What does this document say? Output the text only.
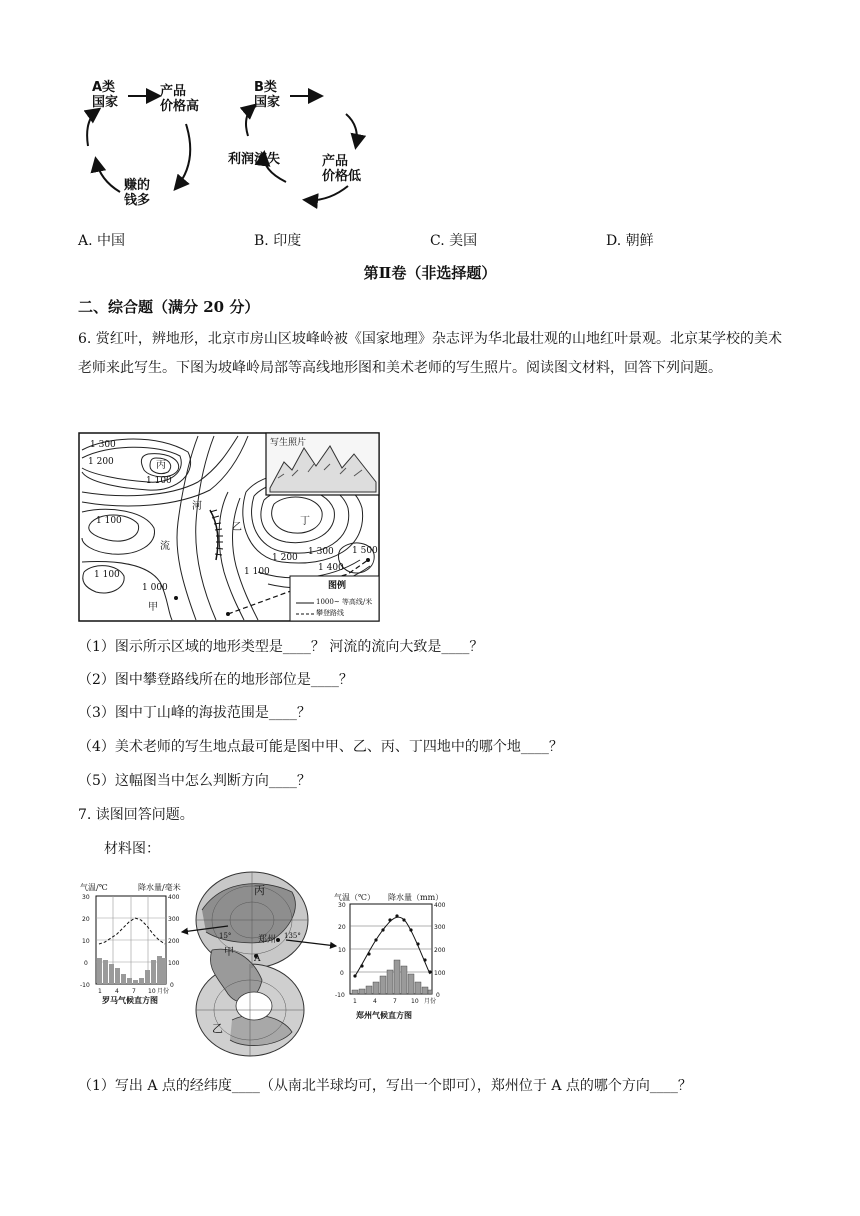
A类
国家
产品
价格高
赚的
钱多
B类
国家
产品
价格低
利润流失
A. 中国	B. 印度	C. 美国	D. 朝鲜
第Ⅱ卷（非选择题）
二、综合题（满分 20 分）
6. 赏红叶，辨地形，北京市房山区坡峰岭被《国家地理》杂志评为华北最壮观的山地红叶景观。北京某学校的美术老师来此写生。下图为坡峰岭局部等高线地形图和美术老师的写生照片。阅读图文材料，回答下列问题。
1 300
1 200
1 100
1 100
1 100
1 000
1 100
1 200
1 300
1 400
1 500
河
流
丙
乙
丁
甲
写生照片
图例
1000~ 等高线/米
攀登路线
（1）图示所示区域的地形类型是____？ 河流的流向大致是____？
（2）图中攀登路线所在的地形部位是____？
（3）图中丁山峰的海拔范围是____？
（4）美术老师的写生地点最可能是图中甲、乙、丙、丁四地中的哪个地____？
（5）这幅图当中怎么判断方向____？
7. 读图回答问题。
材料图：
气温/℃	降水量/毫米
30
20
10
0
-10
400
300
200
100
0
1 4 7 10 月份
罗马气候直方图
丙
甲
A
郑州
乙
15°	135°
气温（℃） 降水量（mm）
30
20
10
0
-10
400
300
200
100
0
1	4	7 10 月份
郑州气候直方图
（1）写出 A 点的经纬度____（从南北半球均可，写出一个即可），郑州位于 A 点的哪个方向____？
